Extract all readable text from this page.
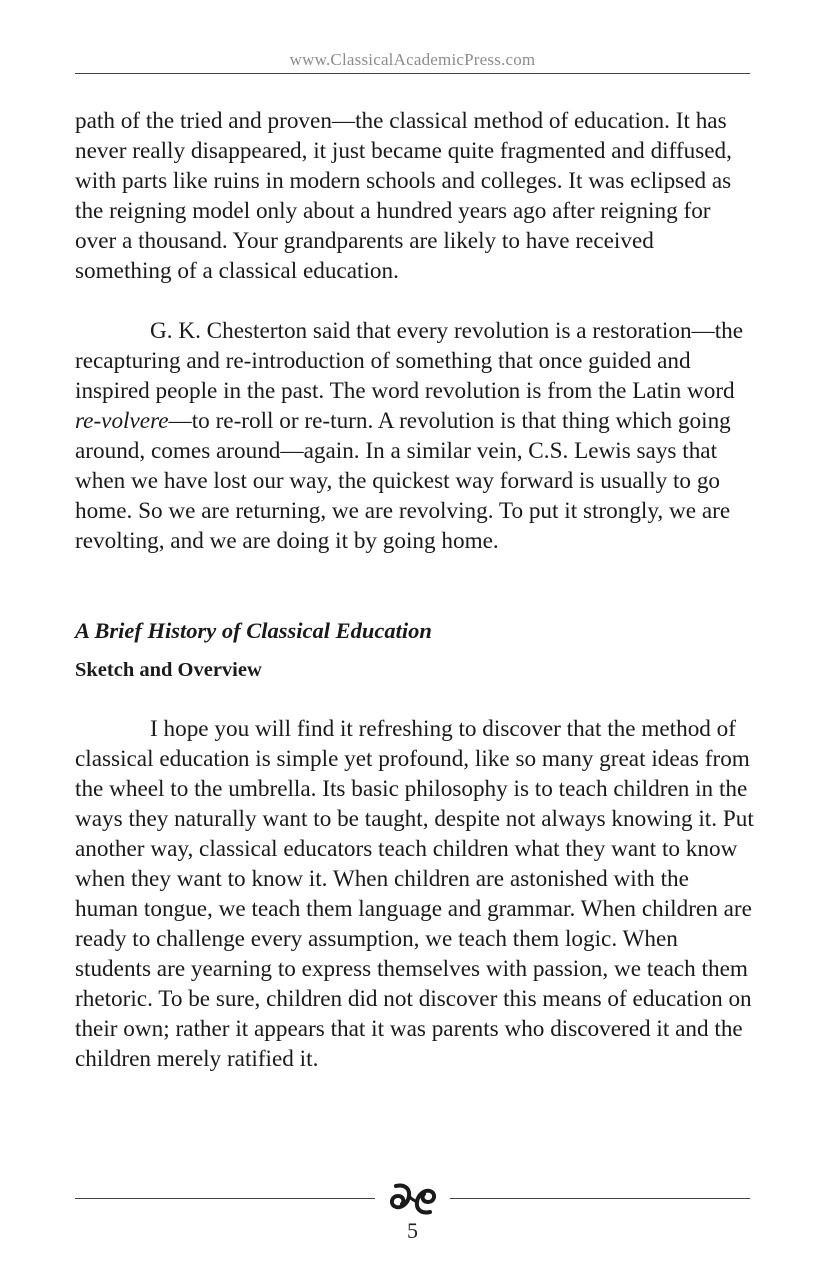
www.ClassicalAcademicPress.com

path of the tried and proven—the classical method of education. It has never really disappeared, it just became quite fragmented and diffused, with parts like ruins in modern schools and colleges. It was eclipsed as the reigning model only about a hundred years ago after reigning for over a thousand. Your grandparents are likely to have received something of a classical education.

G. K. Chesterton said that every revolution is a restoration—the recapturing and re-introduction of something that once guided and inspired people in the past. The word revolution is from the Latin word re-volvere—to re-roll or re-turn. A revolution is that thing which going around, comes around—again. In a similar vein, C.S. Lewis says that when we have lost our way, the quickest way forward is usually to go home. So we are returning, we are revolving. To put it strongly, we are revolting, and we are doing it by going home.

A Brief History of Classical Education
Sketch and Overview

I hope you will find it refreshing to discover that the method of classical education is simple yet profound, like so many great ideas from the wheel to the umbrella. Its basic philosophy is to teach children in the ways they naturally want to be taught, despite not always knowing it. Put another way, classical educators teach children what they want to know when they want to know it. When children are astonished with the human tongue, we teach them language and grammar. When children are ready to challenge every assumption, we teach them logic. When students are yearning to express themselves with passion, we teach them rhetoric. To be sure, children did not discover this means of education on their own; rather it appears that it was parents who discovered it and the children merely ratified it.

5
